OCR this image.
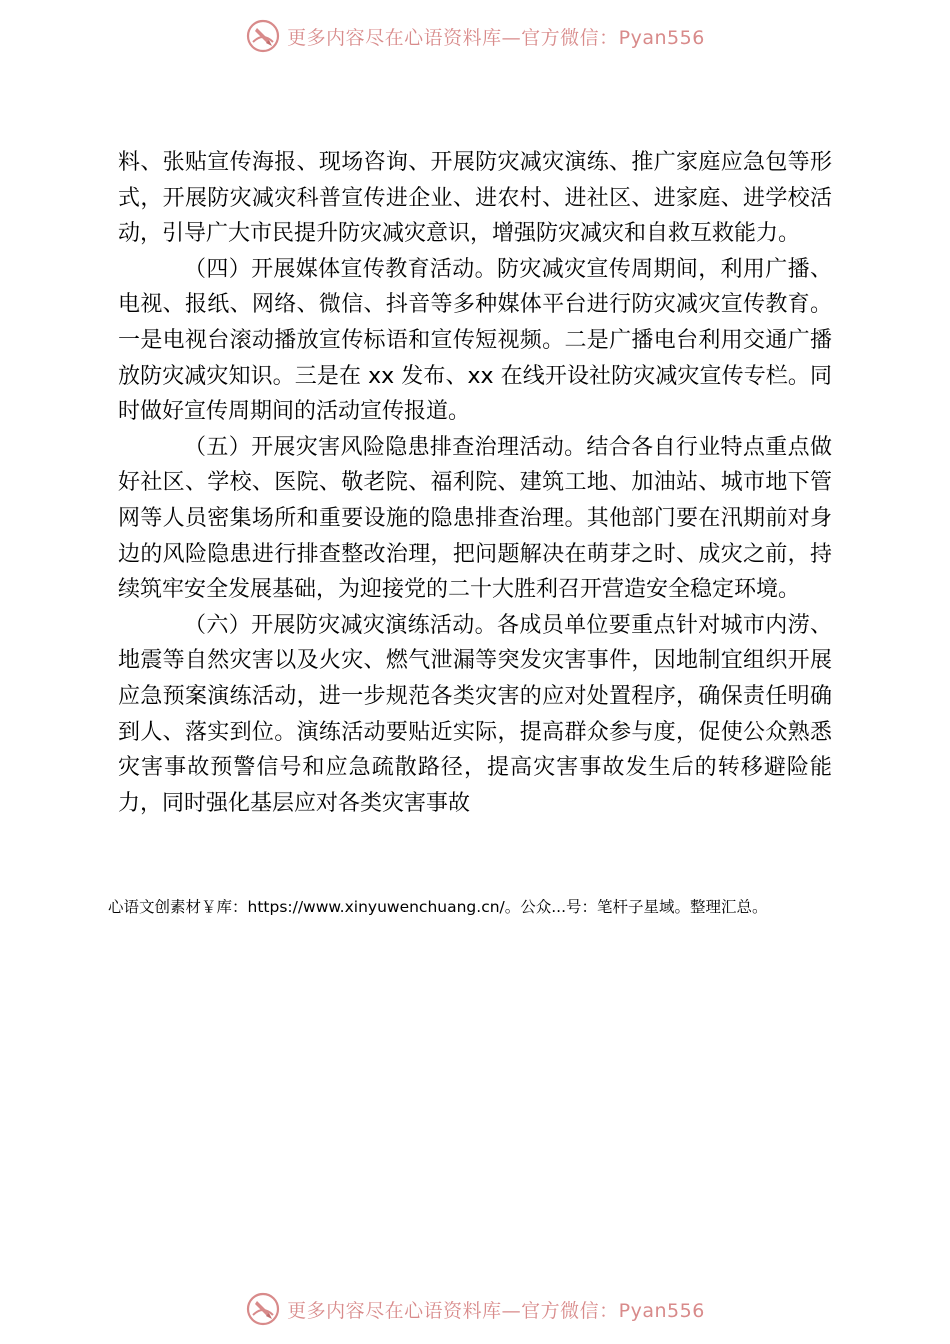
更多内容尽在心语资料库—官方微信：Pyan556

料、张贴宣传海报、现场咨询、开展防灾减灾演练、推广家庭应急包等形式，开展防灾减灾科普宣传进企业、进农村、进社区、进家庭、进学校活动，引导广大市民提升防灾减灾意识，增强防灾减灾和自救互救能力。

（四）开展媒体宣传教育活动。防灾减灾宣传周期间，利用广播、电视、报纸、网络、微信、抖音等多种媒体平台进行防灾减灾宣传教育。一是电视台滚动播放宣传标语和宣传短视频。二是广播电台利用交通广播放防灾减灾知识。三是在 xx 发布、xx 在线开设社防灾减灾宣传专栏。同时做好宣传周期间的活动宣传报道。

（五）开展灾害风险隐患排查治理活动。结合各自行业特点重点做好社区、学校、医院、敬老院、福利院、建筑工地、加油站、城市地下管网等人员密集场所和重要设施的隐患排查治理。其他部门要在汛期前对身边的风险隐患进行排查整改治理，把问题解决在萌芽之时、成灾之前，持续筑牢安全发展基础，为迎接党的二十大胜利召开营造安全稳定环境。

（六）开展防灾减灾演练活动。各成员单位要重点针对城市内涝、地震等自然灾害以及火灾、燃气泄漏等突发灾害事件，因地制宜组织开展应急预案演练活动，进一步规范各类灾害的应对处置程序，确保责任明确到人、落实到位。演练活动要贴近实际，提高群众参与度，促使公众熟悉灾害事故预警信号和应急疏散路径，提高灾害事故发生后的转移避险能力，同时强化基层应对各类灾害事故

心语文创素材￥库：https://www.xinyuwenchuang.cn/。公众...号：笔杆子星域。整理汇总。
更多内容尽在心语资料库—官方微信：Pyan556
